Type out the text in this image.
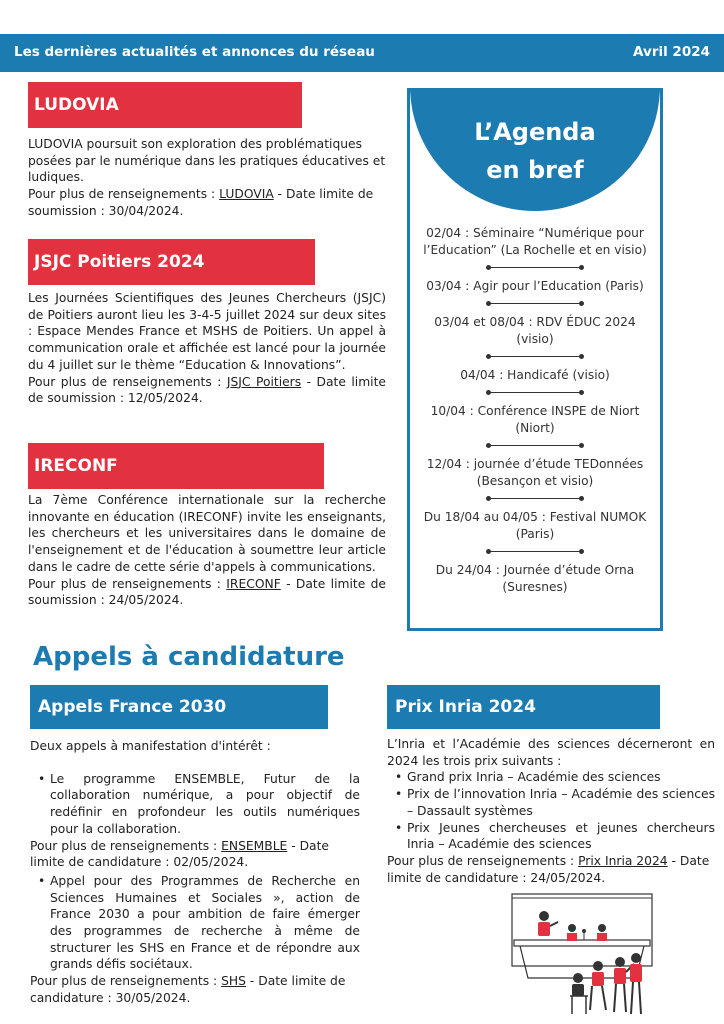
Les dernières actualités et annonces du réseau	Avril 2024
LUDOVIA

LUDOVIA poursuit son exploration des problématiques posées par le numérique dans les pratiques éducatives et ludiques.

Pour plus de renseignements : LUDOVIA - Date limite de soumission : 30/04/2024.

JSJC Poitiers 2024

Les Journées Scientifiques des Jeunes Chercheurs (JSJC) de Poitiers auront lieu les 3-4-5 juillet 2024 sur deux sites : Espace Mendes France et MSHS de Poitiers. Un appel à communication orale et affichée est lancé pour la journée du 4 juillet sur le thème “Education & Innovations”.

Pour plus de renseignements : JSJC Poitiers - Date limite de soumission : 12/05/2024.

IRECONF

La 7ème Conférence internationale sur la recherche innovante en éducation (IRECONF) invite les enseignants, les chercheurs et les universitaires dans le domaine de l'enseignement et de l'éducation à soumettre leur article dans le cadre de cette série d'appels à communications.

Pour plus de renseignements : IRECONF - Date limite de soumission : 24/05/2024.

L’Agenda
en bref
02/04 : Séminaire “Numérique pour l’Education” (La Rochelle et en visio)
03/04 : Agir pour l’Education (Paris)
03/04 et 08/04 : RDV ÉDUC 2024 (visio)
04/04 : Handicafé (visio)
10/04 : Conférence INSPE de Niort (Niort)
12/04 : journée d’étude TEDonnées (Besançon et visio)
Du 18/04 au 04/05 : Festival NUMOK (Paris)
Du 24/04 : Journée d’étude Orna (Suresnes)
Appels à candidature
Appels France 2030

Deux appels à manifestation d'intérêt :

• Le programme ENSEMBLE, Futur de la collaboration numérique, a pour objectif de redéfinir en profondeur les outils numériques pour la collaboration.

Pour plus de renseignements : ENSEMBLE - Date limite de candidature : 02/05/2024.

• Appel pour des Programmes de Recherche en Sciences Humaines et Sociales », action de France 2030 a pour ambition de faire émerger des programmes de recherche à même de structurer les SHS en France et de répondre aux grands défis sociétaux.

Pour plus de renseignements : SHS - Date limite de candidature : 30/05/2024.

Prix Inria 2024

L’Inria et l’Académie des sciences décerneront en 2024 les trois prix suivants :

• Grand prix Inria – Académie des sciences
• Prix de l’innovation Inria – Académie des sciences – Dassault systèmes
• Prix Jeunes chercheuses et jeunes chercheurs Inria – Académie des sciences

Pour plus de renseignements : Prix Inria 2024 - Date limite de candidature : 24/05/2024.
